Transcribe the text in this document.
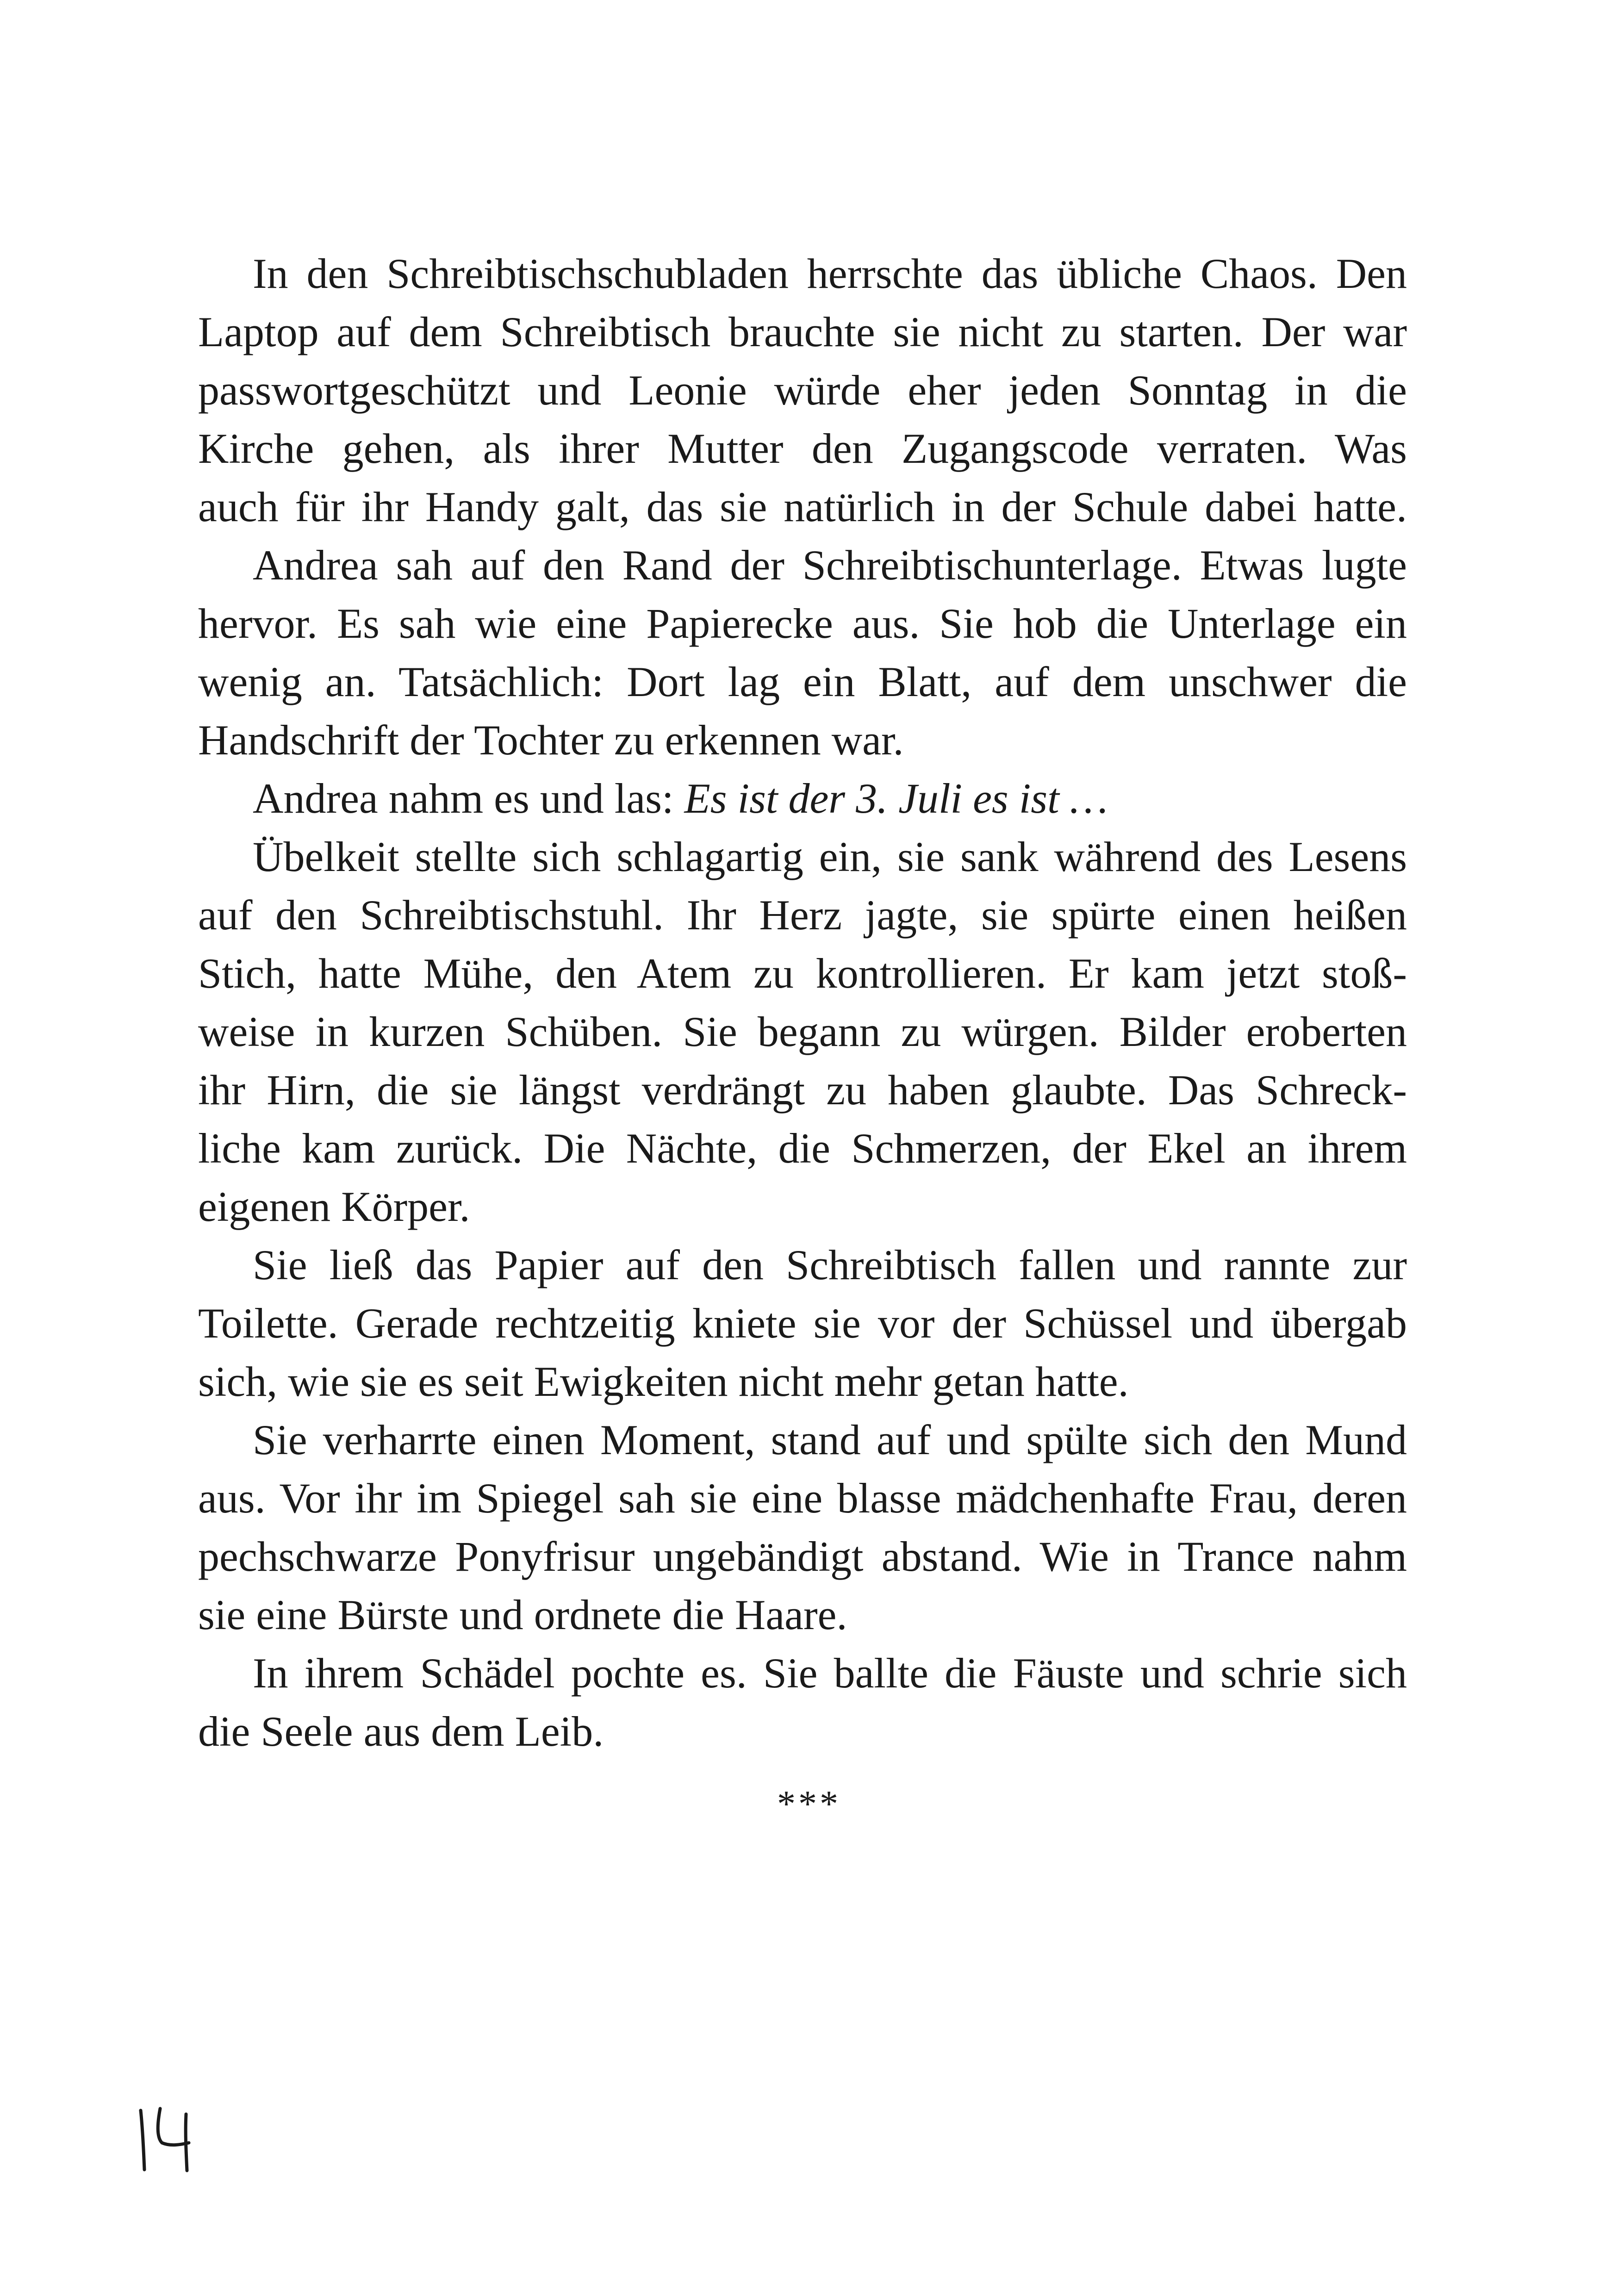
In den Schreibtischschubladen herrschte das übliche Chaos. Den
Laptop auf dem Schreibtisch brauchte sie nicht zu starten. Der war
passwortgeschützt und Leonie würde eher jeden Sonntag in die
Kirche gehen, als ihrer Mutter den Zugangscode verraten. Was
auch für ihr Handy galt, das sie natürlich in der Schule dabei hatte.
Andrea sah auf den Rand der Schreibtischunterlage. Etwas lugte
hervor. Es sah wie eine Papierecke aus. Sie hob die Unterlage ein
wenig an. Tatsächlich: Dort lag ein Blatt, auf dem unschwer die
Handschrift der Tochter zu erkennen war.
Andrea nahm es und las: Es ist der 3. Juli es ist …
Übelkeit stellte sich schlagartig ein, sie sank während des Lesens
auf den Schreibtischstuhl. Ihr Herz jagte, sie spürte einen heißen
Stich, hatte Mühe, den Atem zu kontrollieren. Er kam jetzt stoß-
weise in kurzen Schüben. Sie begann zu würgen. Bilder eroberten
ihr Hirn, die sie längst verdrängt zu haben glaubte. Das Schreck-
liche kam zurück. Die Nächte, die Schmerzen, der Ekel an ihrem
eigenen Körper.
Sie ließ das Papier auf den Schreibtisch fallen und rannte zur
Toilette. Gerade rechtzeitig kniete sie vor der Schüssel und übergab
sich, wie sie es seit Ewigkeiten nicht mehr getan hatte.
Sie verharrte einen Moment, stand auf und spülte sich den Mund
aus. Vor ihr im Spiegel sah sie eine blasse mädchenhafte Frau, deren
pechschwarze Ponyfrisur ungebändigt abstand. Wie in Trance nahm
sie eine Bürste und ordnete die Haare.
In ihrem Schädel pochte es. Sie ballte die Fäuste und schrie sich
die Seele aus dem Leib.
***
